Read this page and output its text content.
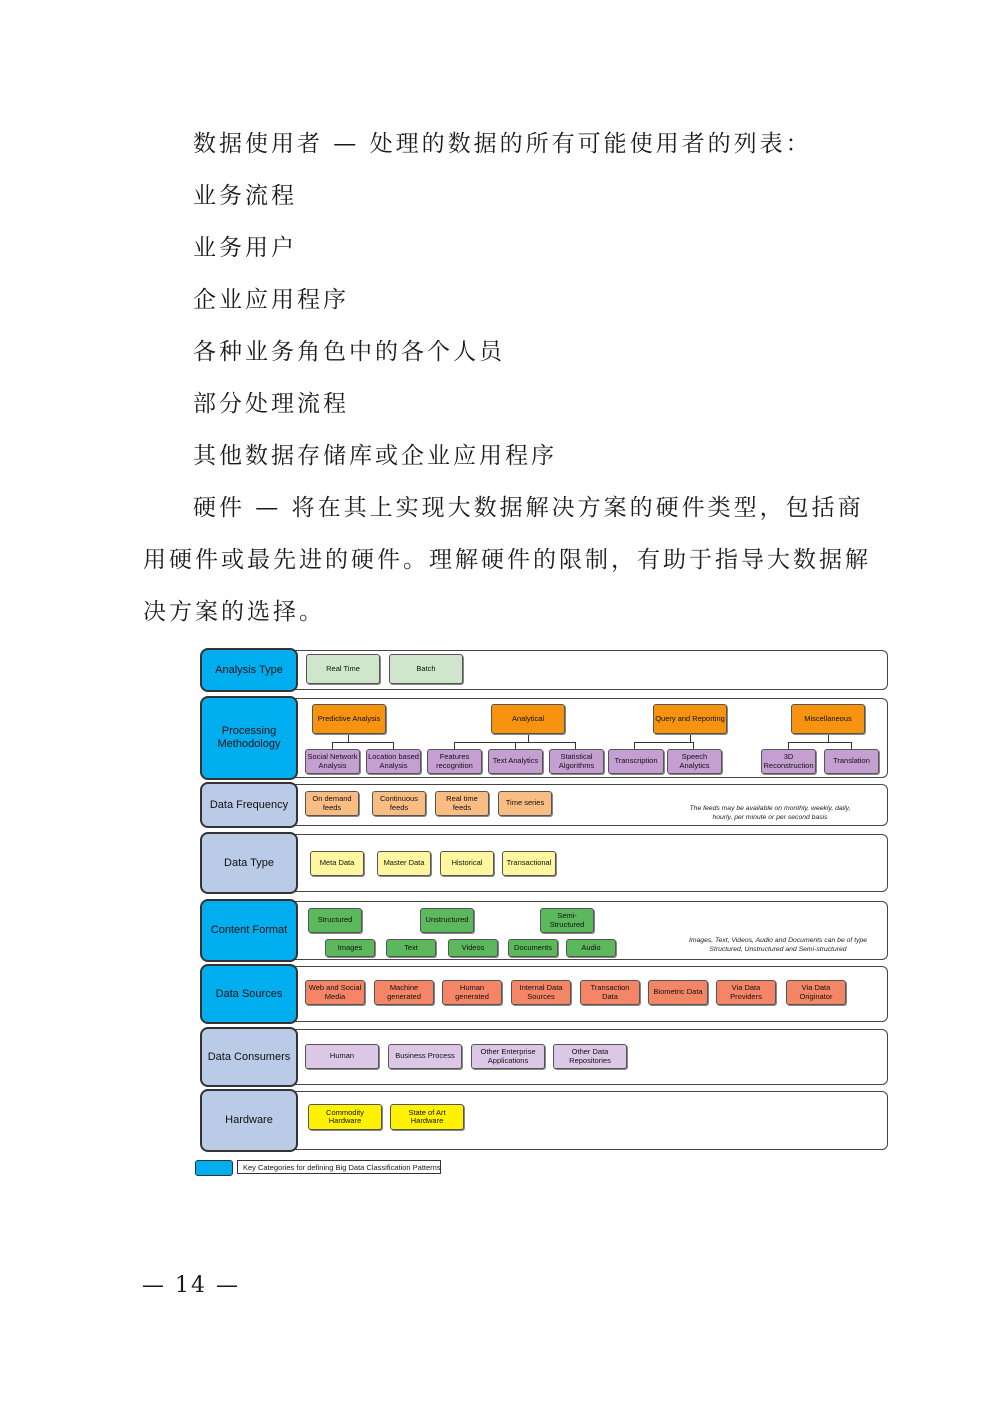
数据使用者 — 处理的数据的所有可能使用者的列表：
业务流程
业务用户
企业应用程序
各种业务角色中的各个人员
部分处理流程
其他数据存储库或企业应用程序
硬件 — 将在其上实现大数据解决方案的硬件类型，包括商
用硬件或最先进的硬件。理解硬件的限制，有助于指导大数据解
决方案的选择。
Analysis Type	Real Time	Batch
Processing Methodology
Predictive Analysis	Analytical	Query and Reporting	Miscellaneous
Social Network Analysis
Location based Analysis
Features recognition	Text Analytics	Statistical Algorithms	Transcription	Speech Analytics
3D Reconstruction	Translation
Data Frequency	On demand feeds
Continuous feeds
Real time feeds	Time series
The feeds may be available on monthly, weekly, daily, hourly, per minute or per second basis
Data Type	Meta Data	Master Data	Historical	Transactional
Content Format
Structured	Unstructured	Semi-Structured
Images	Text	Videos	Documents	Audio
Images, Text, Videos, Audio and Documents can be of type Structured, Unstructured and Semi-structured
Data Sources	Web and Social Media
Machine generated
Human generated
Internal Data Sources
Transaction Data	Biometric Data	Via Data Providers
Via Data Originator
Data Consumers	Human	Business Process	Other Enterprise Applications
Other Data Repositories
Hardware
Commodity Hardware
State of Art Hardware
Key Categories for defining Big Data Classification Patterns
— 14 —
